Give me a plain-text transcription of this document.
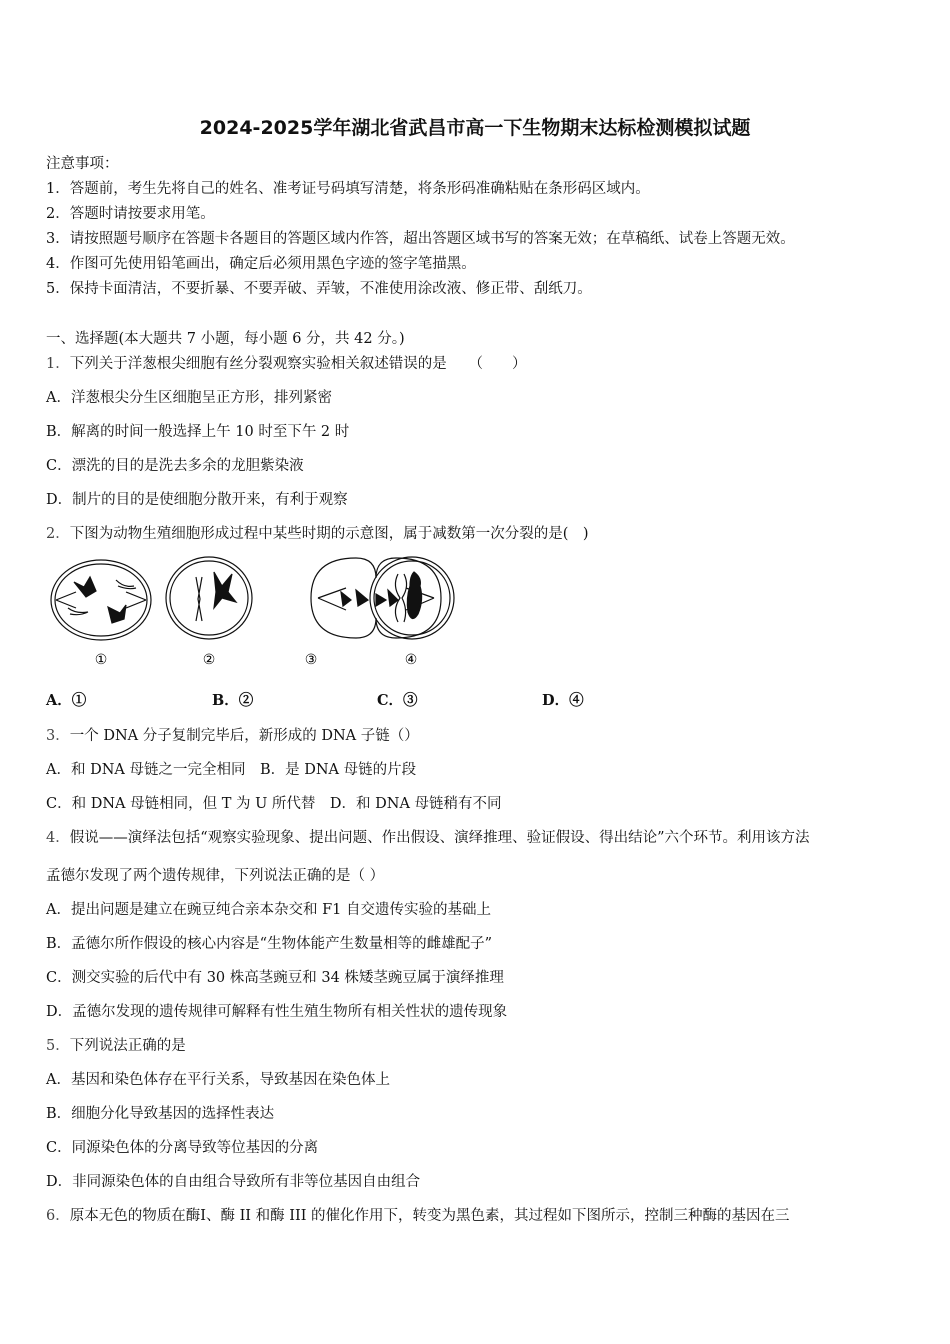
2024-2025学年湖北省武昌市高一下生物期末达标检测模拟试题
注意事项：
1．答题前，考生先将自己的姓名、准考证号码填写清楚，将条形码准确粘贴在条形码区域内。
2．答题时请按要求用笔。
3．请按照题号顺序在答题卡各题目的答题区域内作答，超出答题区域书写的答案无效；在草稿纸、试卷上答题无效。
4．作图可先使用铅笔画出，确定后必须用黑色字迹的签字笔描黑。
5．保持卡面清洁，不要折暴、不要弄破、弄皱，不准使用涂改液、修正带、刮纸刀。
一、选择题(本大题共 7 小题，每小题 6 分，共 42 分。)
1．下列关于洋葱根尖细胞有丝分裂观察实验相关叙述错误的是　　（　　）
A．洋葱根尖分生区细胞呈正方形，排列紧密
B．解离的时间一般选择上午 10 时至下午 2 时
C．漂洗的目的是洗去多余的龙胆紫染液
D．制片的目的是使细胞分散开来，有利于观察
2．下图为动物生殖细胞形成过程中某些时期的示意图，属于减数第一次分裂的是(　)
①	②	③	④
A．①	B．②	C．③	D．④
3．一个 DNA 分子复制完毕后，新形成的 DNA 子链（）
A．和 DNA 母链之一完全相同　B．是 DNA 母链的片段
C．和 DNA 母链相同，但 T 为 U 所代替　D．和 DNA 母链稍有不同
4．假说——演绎法包括“观察实验现象、提出问题、作出假设、演绎推理、验证假设、得出结论”六个环节。利用该方法
孟德尔发现了两个遗传规律，下列说法正确的是（ ）
A．提出问题是建立在豌豆纯合亲本杂交和 F1 自交遗传实验的基础上
B．孟德尔所作假设的核心内容是“生物体能产生数量相等的雌雄配子”
C．测交实验的后代中有 30 株高茎豌豆和 34 株矮茎豌豆属于演绎推理
D．孟德尔发现的遗传规律可解释有性生殖生物所有相关性状的遗传现象
5．下列说法正确的是
A．基因和染色体存在平行关系，导致基因在染色体上
B．细胞分化导致基因的选择性表达
C．同源染色体的分离导致等位基因的分离
D．非同源染色体的自由组合导致所有非等位基因自由组合
6．原本无色的物质在酶Ⅰ、酶 II 和酶 III 的催化作用下，转变为黑色素，其过程如下图所示，控制三种酶的基因在三
